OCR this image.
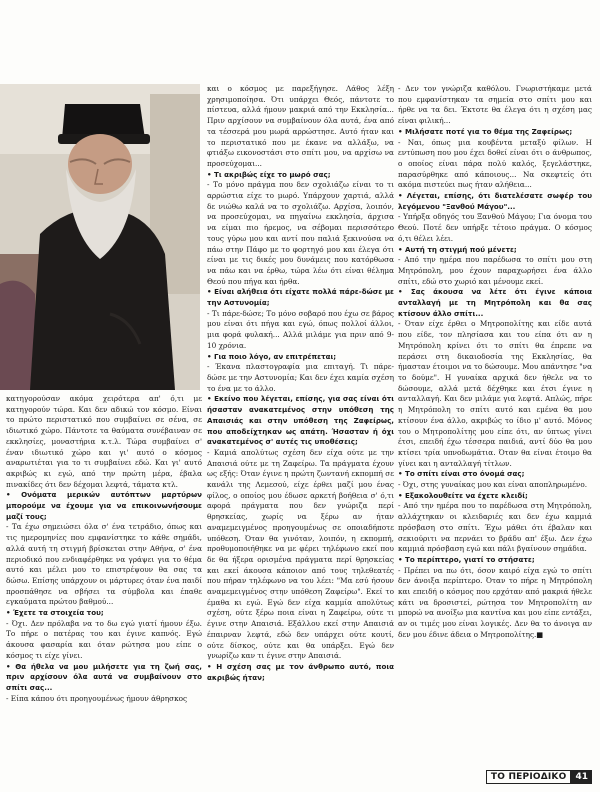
κατηγορούσαν ακόμα χειρότερα απ' ό,τι με κατηγορούν τώρα. Και δεν αδικώ τον κόσμο. Είναι το πρώτο περιστατικό που συμβαίνει σε σένα, σε ιδιωτικό χώρο. Πάντοτε τα θαύματα συνέβαιναν σε εκκλησίες, μοναστήρια κ.τ.λ. Τώρα συμβαίνει σ' έναν ιδιωτικό χώρο και γι' αυτό ο κόσμος αναρωτιέται για το τι συμβαίνει εδώ. Και γι' αυτό ακριβώς κι εγώ, από την πρώτη μέρα, έβαλα πινακίδες ότι δεν δέχομαι λεφτά, τάματα κτλ.

• Ονόματα μερικών αυτόπτων μαρτύρων μπορούμε να έχουμε για να επικοινωνήσουμε μαζί τους;

- Τα έχω σημειώσει όλα σ' ένα τετράδιο, όπως και τις ημερομηνίες που εμφανίστηκε το κάθε σημάδι, αλλά αυτή τη στιγμή βρίσκεται στην Αθήνα, σ' ένα περιοδικό που ενδιαφέρθηκε να γράψει για το θέμα αυτό και μέλει μου το επιστρέψουν θα σας τα δώσω. Επίσης υπάρχουν οι μάρτυρες όταν ένα παιδί προσπάθησε να σβήσει τα σύμβολα και έπαθε εγκαύματα πρώτου βαθμού...

• Έχετε τα στοιχεία του;

- Όχι. Δεν πρόλαβα να το δω εγώ γιατί ήμουν έξω. Το πήρε ο πατέρας του και έγινε καπνός. Εγώ άκουσα φασαρία και όταν ρώτησα μου είπε ο κόσμος τι είχε γίνει.

• Θα ήθελα να μου μιλήσετε για τη ζωή σας, πριν αρχίσουν όλα αυτά να συμβαίνουν στο σπίτι σας...

- Είπα κάπου ότι προηγουμένως ήμουν άθρησκος

και ο κόσμος με παρεξήγησε. Λάθος λέξη χρησιμοποίησα. Ότι υπάρχει Θεός, πάντοτε το πίστευα, αλλά ήμουν μακριά από την Εκκλησία... Πριν αρχίσουν να συμβαίνουν όλα αυτά, ένα από τα τέσσερά μου μωρά αρρώστησε. Αυτό ήταν και το περιστατικό που με έκανε να αλλάξω, να φτιάξω εικονοστάσι στο σπίτι μου, να αρχίσω να προσεύχομαι...

• Τι ακριβώς είχε το μωρό σας;

- Το μόνο πράγμα που δεν σχολιάζω είναι το τι αρρώστια είχε το μωρό. Υπάρχουν χαρτιά, αλλά δε νιώθω καλά να το σχολιάζω. Αρχίσα, λοιπόν, να προσεύχομαι, να πηγαίνω εκκλησία, άρχισα να είμαι πιο ήρεμος, να σέβομαι περισσότερο τους γύρω μου και αντί που παλιά ξεκινούσα να πάω στην Πάφο με το φορτηγό μου και έλεγα ότι είναι με τις δικές μου δυνάμεις που κατόρθωσα να πάω και να έρθω, τώρα λέω ότι είναι θέλημα Θεού που πήγα και ήρθα.

• Είναι αλήθεια ότι είχατε πολλά πάρε-δώσε με την Αστυνομία;

- Τι πάρε-δώσε; Το μόνο σοβαρό που έχω σε βάρος μου είναι ότι πήγα και εγώ, όπως πολλοί άλλοι, μια φορά φυλακή... Αλλά μιλάμε για πριν από 9-10 χρόνια.

• Για ποιο λόγο, αν επιτρέπεται;

- Έκανα πλαστογραφία μια επιταγή. Τι πάρε-δώσε με την Αστυνομία; Και δεν έχει καμία σχέση το ένα με το άλλο.

• Εκείνο που λέγεται, επίσης, για σας είναι ότι ήσασταν ανακατεμένος στην υπόθεση της Απαισιάς και στην υπόθεση της Ζαφείρως, που αποδείχτηκαν ως απάτη. Ήσασταν ή όχι ανακατεμένος σ' αυτές τις υποθέσεις;

- Καμιά απολύτως σχέση δεν είχα ούτε με την Απαισιά ούτε με τη Ζαφείρω. Τα πράγματα έχουν ως εξής: Όταν έγινε η πρώτη ζωντανή εκπομπή σε κανάλι της Λεμεσού, είχε έρθει μαζί μου ένας φίλος, ο οποίος μου έδωσε αρκετή βοήθεια σ' ό,τι αφορά πράγματα που δεν γνώριζα περί θρησκείας, χωρίς να ξέρω αν ήταν αναμεμειγμένος προηγουμένως σε οποιαδήποτε υπόθεση. Όταν θα γινόταν, λοιπόν, η εκπομπή, προθυμοποιήθηκε να με φέρει τηλέφωνο εκεί που δε θα ήξερα ορισμένα πράγματα περί θρησκείας και εκεί άκουσα κάποιον από τους τηλεθεατές που πήραν τηλέφωνο να του λέει: "Μα εσύ ήσουν αναμεμειγμένος στην υπόθεση Ζαφείρω". Εκεί το έμαθα κι εγώ. Εγώ δεν είχα καμμία απολύτως σχέση, ούτε ξέρω ποια είναι η Ζαφείρω, ούτε τι έγινε στην Απαισιά. Εξάλλου εκεί στην Απαισιά έπαιρναν λεφτά, εδώ δεν υπάρχει ούτε κουτί, ούτε δίσκος, ούτε και θα υπάρξει. Εγώ δεν γνωρίζω καν τι έγινε στην Απαισιά.

• Η σχέση σας με τον άνθρωπο αυτό, ποια ακριβώς ήταν;

- Δεν τον γνώριζα καθόλου. Γνωριστήκαμε μετά που εμφανίστηκαν τα σημεία στο σπίτι μου και ήρθε να τα δει. Έκτοτε θα έλεγα ότι η σχέση μας είναι φιλική...

• Μιλήσατε ποτέ για το θέμα της Ζαφείρως;

- Ναι, όπως μια κουβέντα μεταξύ φίλων. Η εντύπωση που μου έχει δοθεί είναι ότι ο άνθρωπος, ο οποίος είναι πάρα πολύ καλός, ξεγελάστηκε, παρασύρθηκε από κάποιους... Να σκεφτείς ότι ακόμα πιστεύει πως ήταν αλήθεια...

• Λέγεται, επίσης, ότι διατελέσατε σωφέρ του λεγόμενου "Ξανθού Μάγου"...

- Υπήρξα οδηγός του Ξανθού Μάγου; Για όνομα του Θεού. Ποτέ δεν υπήρξε τέτοιο πράγμα. Ο κόσμος ό,τι θέλει λέει.

• Αυτή τη στιγμή πού μένετε;

- Από την ημέρα που παρέδωσα το σπίτι μου στη Μητρόπολη, μου έχουν παραχωρήσει ένα άλλο σπίτι, εδώ στο χωριό και μένουμε εκεί.

• Σας άκουσα να λέτε ότι έγινε κάποια ανταλλαγή με τη Μητρόπολη και θα σας κτίσουν άλλο σπίτι...

- Όταν είχε έρθει ο Μητροπολίτης και είδε αυτά που είδε, τον πλησίασα και του είπα ότι αν η Μητρόπολη κρίνει ότι το σπίτι θα έπρεπε να περάσει στη δικαιοδοσία της Εκκλησίας, θα ήμασταν έτοιμοι να το δώσουμε. Μου απάντησε "να το δούμε". Η γυναίκα αρχικά δεν ήθελε να το δώσουμε, αλλά μετά δέχθηκε και έτσι έγινε η ανταλλαγή. Και δεν μιλάμε για λεφτά. Απλώς, πήρε η Μητρόπολη το σπίτι αυτό και εμένα θα μου κτίσουν ένα άλλο, ακριβώς το ίδιο μ' αυτό. Μόνος του ο Μητροπολίτης μου είπε ότι, αν ύπτως γίνει έτσι, επειδή έχω τέσσερα παιδιά, αντί δύο θα μου κτίσει τρία υπνοδωμάτια. Όταν θα είναι έτοιμο θα γίνει και η ανταλλαγή τίτλων.

• Το σπίτι είναι στο όνομά σας;

- Όχι, στης γυναίκας μου και είναι αποπληρωμένο.

• Εξακολουθείτε να έχετε κλειδί;

- Από την ημέρα που το παρέδωσα στη Μητρόπολη, αλλάχτηκαν οι κλειδαριές και δεν έχω καμμιά πρόσβαση στο σπίτι. Έχω μάθει ότι έβαλαν και σεκιούριτι να περνάει το βράδυ απ' έξω. Δεν έχω καμμιά πρόσβαση εγώ και πάλι βγαίνουν σημάδια.

• Το περίπτερο, γιατί το στήσατε;

- Πρέπει να πω ότι, όσον καιρό είχα εγώ το σπίτι δεν άνοιξα περίπτερο. Όταν το πήρε η Μητρόπολη και επειδή ο κόσμος που ερχόταν από μακριά ήθελε κάτι να δροσιστεί, ρώτησα τον Μητροπολίτη αν μπορώ να ανοίξω μια καντίνα και μου είπε εντάξει, αν οι τιμές μου είναι λογικές. Δεν θα το άνοιγα αν δεν μου έδινε άδεια ο Μητροπολίτης.■

ΤΟ ΠΕΡΙΟΔΙΚΟ	41
